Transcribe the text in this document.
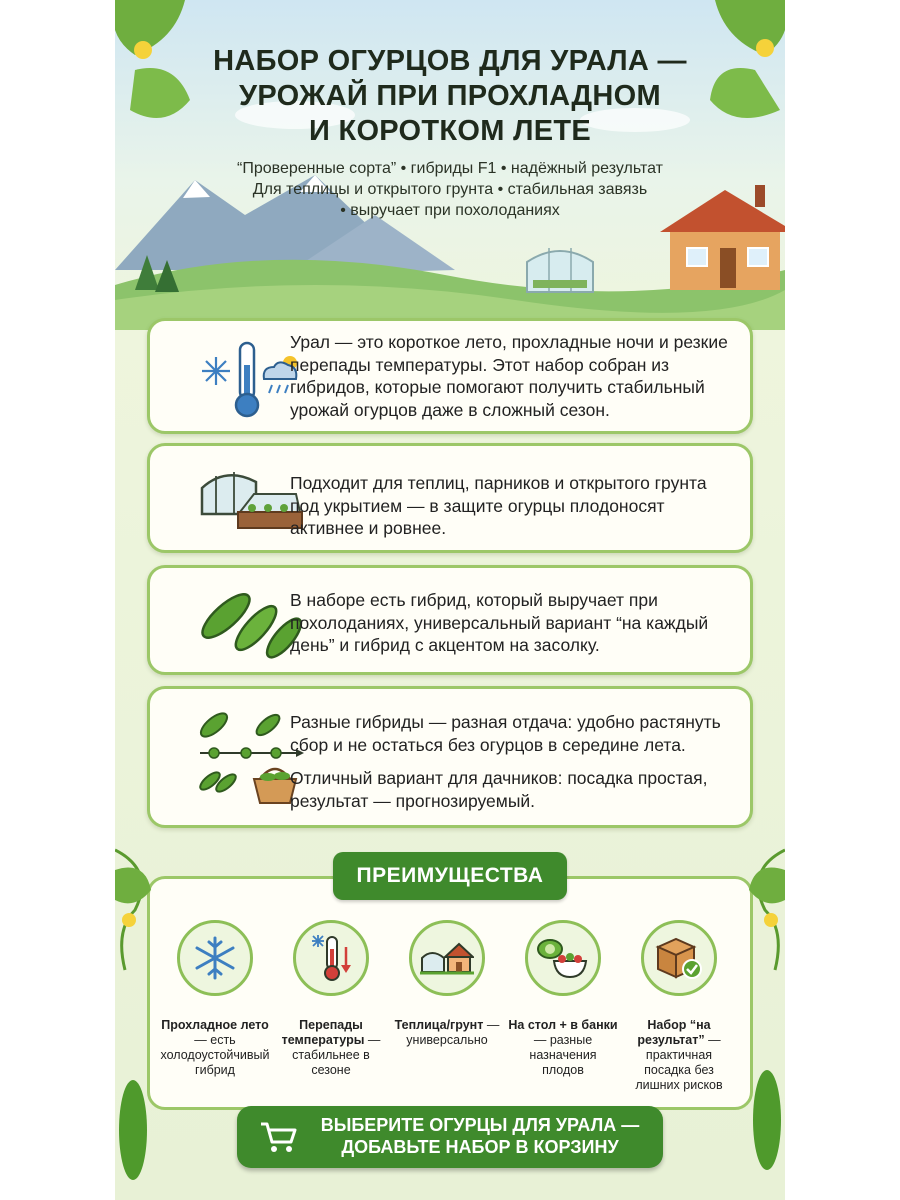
НАБОР ОГУРЦОВ ДЛЯ УРАЛА —
УРОЖАЙ ПРИ ПРОХЛАДНОМ
И КОРОТКОМ ЛЕТЕ
“Проверенные сорта” • гибриды F1 • надёжный результат
Для теплицы и открытого грунта • стабильная завязь
• выручает при похолоданиях
Урал — это короткое лето, прохладные ночи и резкие перепады температуры. Этот набор собран из гибридов, которые помогают получить стабильный урожай огурцов даже в сложный сезон.
Подходит для теплиц, парников и открытого грунта под укрытием — в защите огурцы плодоносят активнее и ровнее.
В наборе есть гибрид, который выручает при похолоданиях, универсальный вариант “на каждый день” и гибрид с акцентом на засолку.
Разные гибриды — разная отдача: удобно растянуть сбор и не остаться без огурцов в середине лета.
Отличный вариант для дачников: посадка простая, результат — прогнозируемый.
ПРЕИМУЩЕСТВА
Прохладное лето — есть холодоустойчивый гибрид
Перепады температуры — стабильнее в сезоне
Теплица/грунт — универсально
На стол + в банки — разные назначения плодов
Набор “на результат” — практичная посадка без лишних рисков
ВЫБЕРИТЕ ОГУРЦЫ ДЛЯ УРАЛА —
ДОБАВЬТЕ НАБОР В КОРЗИНУ
